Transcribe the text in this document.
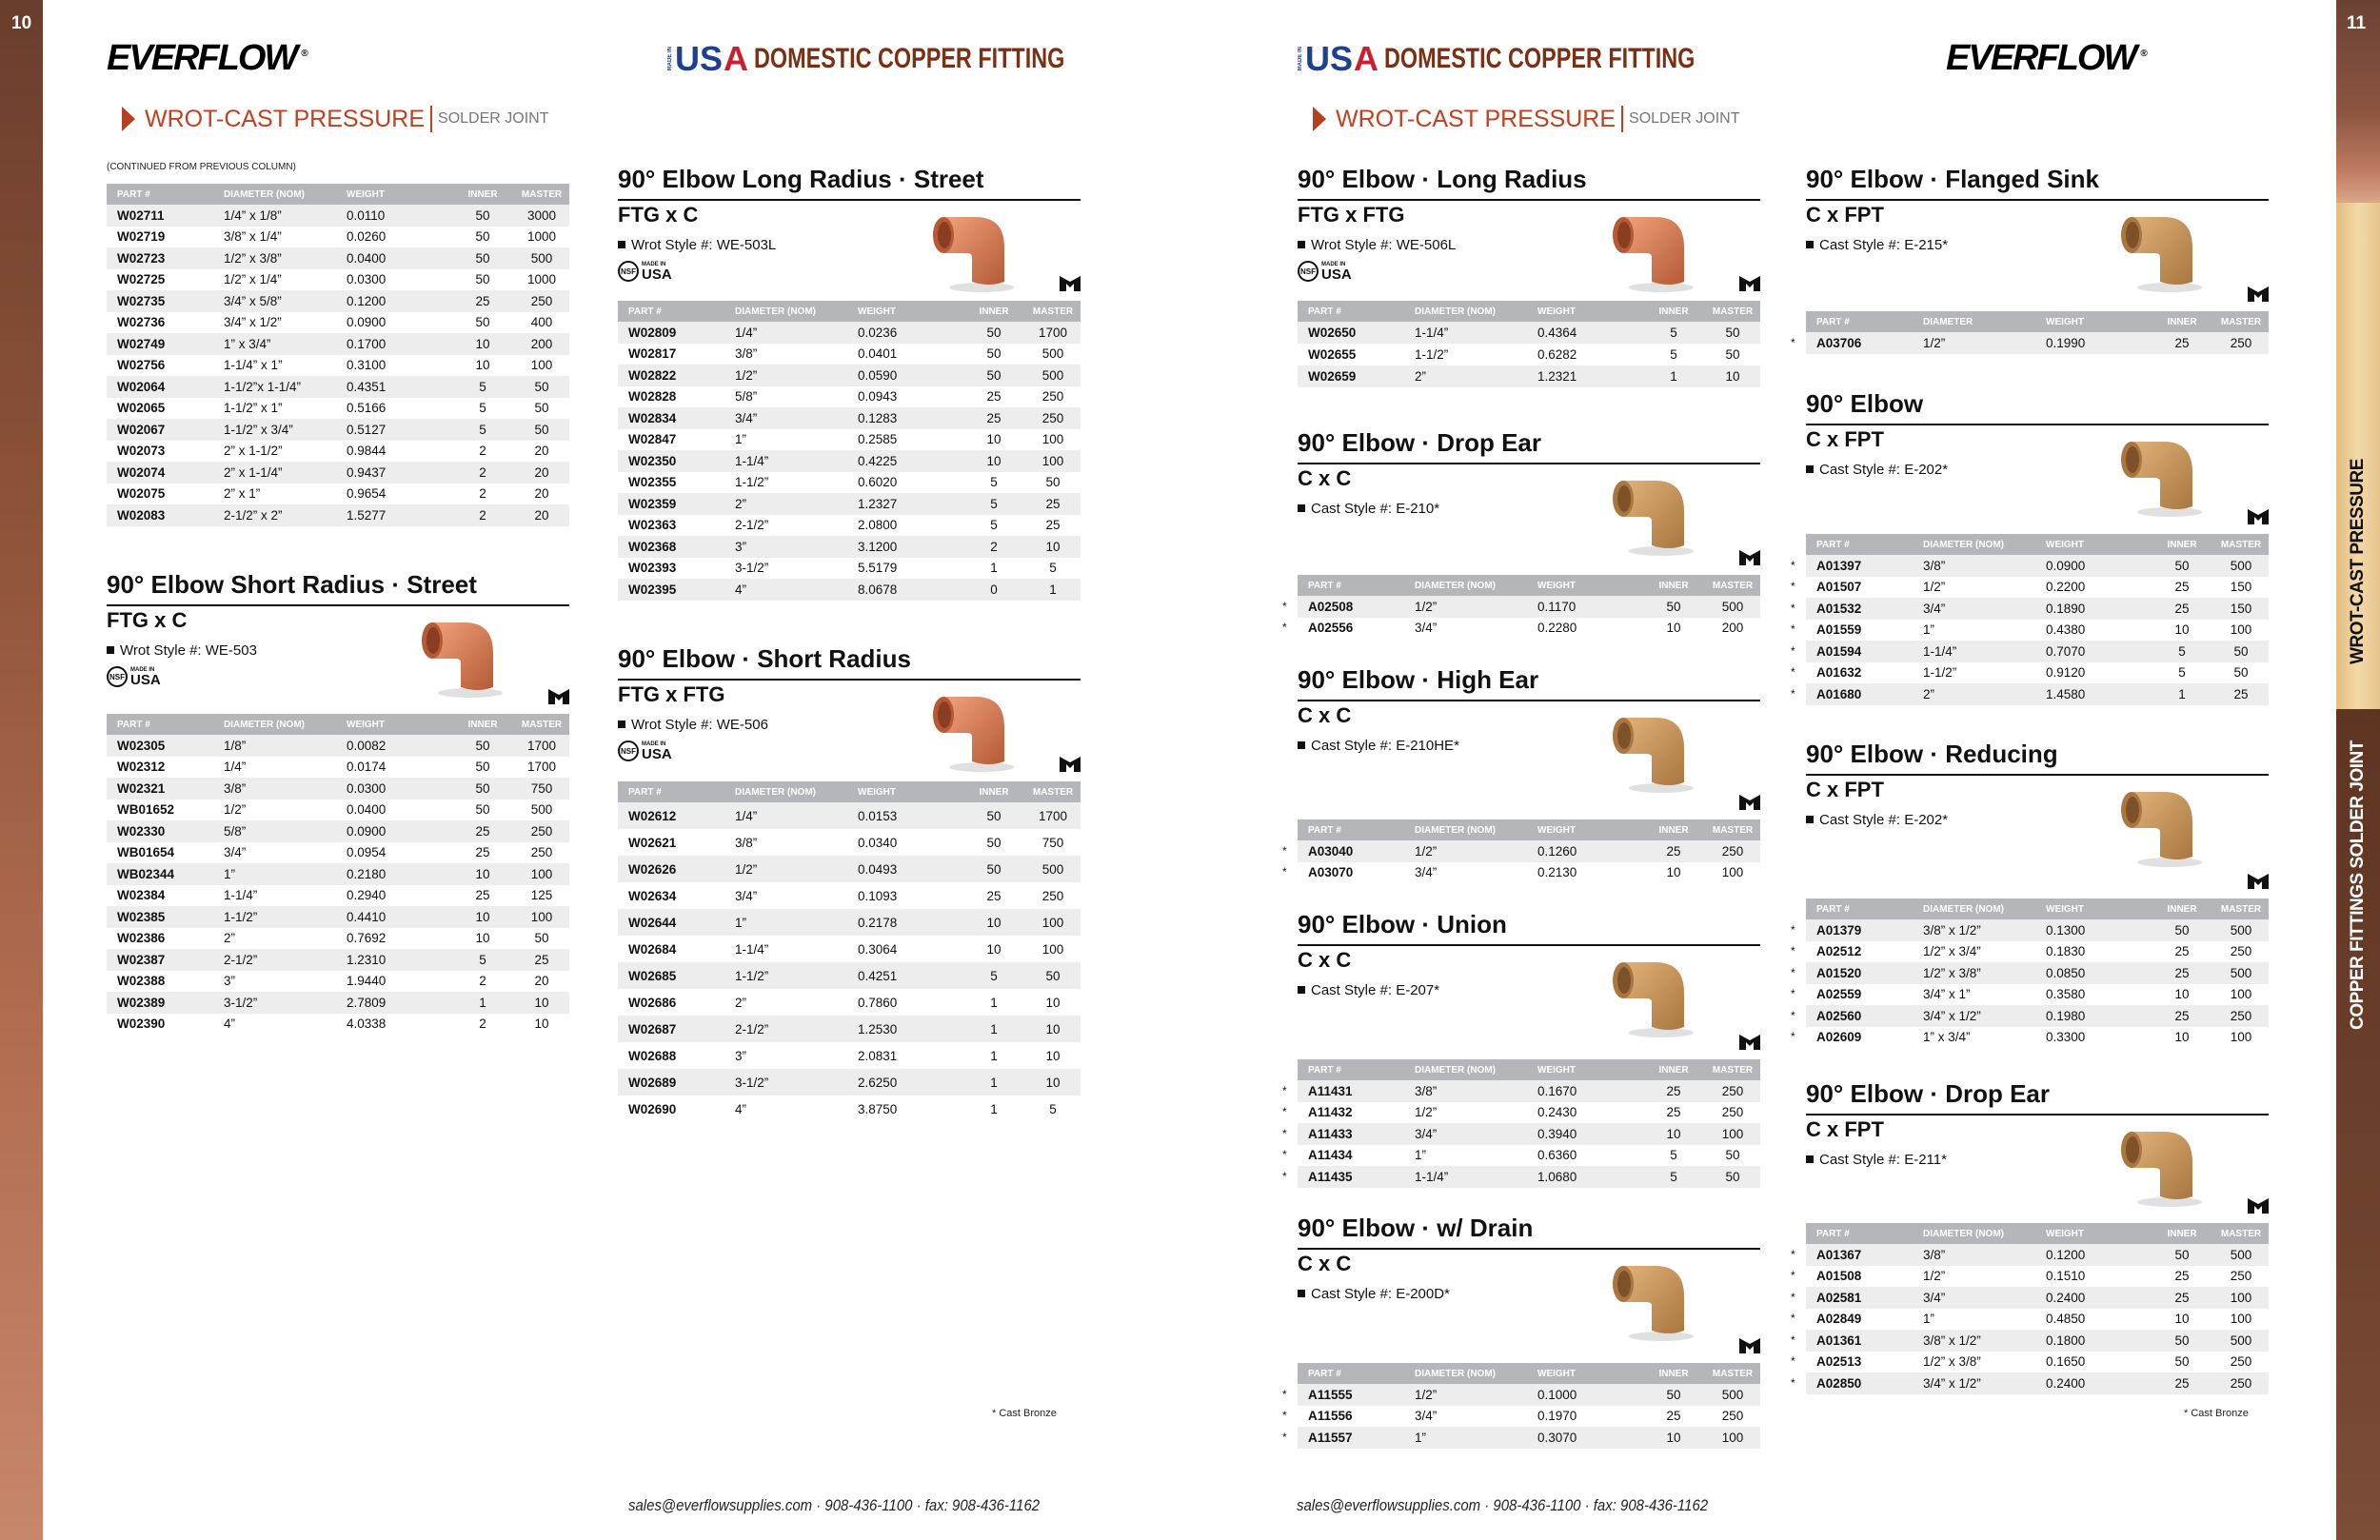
10	11
WROT-CAST PRESSURE
COPPER FITTINGS SOLDER JOINT
EVERFLOW ®	MADE IN US A DOMESTIC COPPER FITTING
WROT-CAST PRESSURE SOLDER JOINT
MADE IN US A DOMESTIC COPPER FITTING	EVERFLOW ®
WROT-CAST PRESSURE SOLDER JOINT
(CONTINUED FROM PREVIOUS COLUMN)
PART #	DIAMETER (NOM)	WEIGHT	INNER	MASTER
W02711	1/4” x 1/8”	0.0110	50	3000
W02719	3/8” x 1/4”	0.0260	50	1000
W02723	1/2” x 3/8”	0.0400	50	500
W02725	1/2” x 1/4”	0.0300	50	1000
W02735	3/4” x 5/8”	0.1200	25	250
W02736	3/4” x 1/2”	0.0900	50	400
W02749	1” x 3/4”	0.1700	10	200
W02756	1-1/4” x 1”	0.3100	10	100
W02064	1-1/2”x 1-1/4”	0.4351	5	50
W02065	1-1/2” x 1”	0.5166	5	50
W02067	1-1/2” x 3/4”	0.5127	5	50
W02073	2” x 1-1/2”	0.9844	2	20
W02074	2” x 1-1/4”	0.9437	2	20
W02075	2” x 1”	0.9654	2	20
W02083	2-1/2” x 2”	1.5277	2	20
90° Elbow Short Radius · Street
FTG x C
Wrot Style #: WE-503
NSF
MADE IN
USA
PART #	DIAMETER (NOM)	WEIGHT	INNER	MASTER
W02305	1/8”	0.0082	50	1700
W02312	1/4”	0.0174	50	1700
W02321	3/8”	0.0300	50	750
WB01652	1/2”	0.0400	50	500
W02330	5/8”	0.0900	25	250
WB01654	3/4”	0.0954	25	250
WB02344	1”	0.2180	10	100
W02384	1-1/4”	0.2940	25	125
W02385	1-1/2”	0.4410	10	100
W02386	2”	0.7692	10	50
W02387	2-1/2”	1.2310	5	25
W02388	3”	1.9440	2	20
W02389	3-1/2”	2.7809	1	10
W02390	4”	4.0338	2	10
90° Elbow Long Radius · Street
FTG x C
Wrot Style #: WE-503L
NSF
MADE IN
USA
PART #	DIAMETER (NOM)	WEIGHT	INNER	MASTER
W02809	1/4”	0.0236	50	1700
W02817	3/8”	0.0401	50	500
W02822	1/2”	0.0590	50	500
W02828	5/8”	0.0943	25	250
W02834	3/4”	0.1283	25	250
W02847	1”	0.2585	10	100
W02350	1-1/4”	0.4225	10	100
W02355	1-1/2”	0.6020	5	50
W02359	2”	1.2327	5	25
W02363	2-1/2”	2.0800	5	25
W02368	3”	3.1200	2	10
W02393	3-1/2”	5.5179	1	5
W02395	4”	8.0678	0	1
90° Elbow · Short Radius
FTG x FTG
Wrot Style #: WE-506
NSF
MADE IN
USA
PART #	DIAMETER (NOM)	WEIGHT	INNER	MASTER
W02612	1/4”	0.0153	50	1700
W02621	3/8”	0.0340	50	750
W02626	1/2”	0.0493	50	500
W02634	3/4”	0.1093	25	250
W02644	1”	0.2178	10	100
W02684	1-1/4”	0.3064	10	100
W02685	1-1/2”	0.4251	5	50
W02686	2”	0.7860	1	10
W02687	2-1/2”	1.2530	1	10
W02688	3”	2.0831	1	10
W02689	3-1/2”	2.6250	1	10
W02690	4”	3.8750	1	5
90° Elbow · Long Radius
FTG x FTG
Wrot Style #: WE-506L
NSF
MADE IN
USA
PART #	DIAMETER (NOM)	WEIGHT	INNER	MASTER
W02650	1-1/4”	0.4364	5	50
W02655	1-1/2”	0.6282	5	50
W02659	2”	1.2321	1	10
90° Elbow · Drop Ear
C x C
Cast Style #: E-210*
PART #	DIAMETER (NOM)	WEIGHT	INNER	MASTER

* A02508	1/2”	0.1170	50	500

* A02556	3/4”	0.2280	10	200
90° Elbow · High Ear
C x C
Cast Style #: E-210HE*
PART #	DIAMETER (NOM)	WEIGHT	INNER	MASTER

* A03040	1/2”	0.1260	25	250

* A03070	3/4”	0.2130	10	100
90° Elbow · Union
C x C
Cast Style #: E-207*
PART #	DIAMETER (NOM)	WEIGHT	INNER	MASTER

* A11431	3/8”	0.1670	25	250

* A11432	1/2”	0.2430	25	250

* A11433	3/4”	0.3940	10	100

* A11434	1”	0.6360	5	50

* A11435	1-1/4”	1.0680	5	50
90° Elbow · w/ Drain
C x C
Cast Style #: E-200D*
PART #	DIAMETER (NOM)	WEIGHT	INNER	MASTER

* A11555	1/2”	0.1000	50	500

* A11556	3/4”	0.1970	25	250

* A11557	1”	0.3070	10	100
90° Elbow · Flanged Sink
C x FPT
Cast Style #: E-215*
PART #	DIAMETER	WEIGHT	INNER	MASTER

* A03706	1/2”	0.1990	25	250
90° Elbow
C x FPT
Cast Style #: E-202*
PART #	DIAMETER (NOM)	WEIGHT	INNER	MASTER

* A01397	3/8”	0.0900	50	500

* A01507	1/2”	0.2200	25	150

* A01532	3/4”	0.1890	25	150

* A01559	1”	0.4380	10	100

* A01594	1-1/4”	0.7070	5	50

* A01632	1-1/2”	0.9120	5	50

* A01680	2”	1.4580	1	25
90° Elbow · Reducing
C x FPT
Cast Style #: E-202*
PART #	DIAMETER (NOM)	WEIGHT	INNER	MASTER

* A01379	3/8” x 1/2”	0.1300	50	500

* A02512	1/2” x 3/4”	0.1830	25	250

* A01520	1/2” x 3/8”	0.0850	25	500

* A02559	3/4” x 1”	0.3580	10	100

* A02560	3/4” x 1/2”	0.1980	25	250

* A02609	1” x 3/4”	0.3300	10	100
90° Elbow · Drop Ear
C x FPT
Cast Style #: E-211*
PART #	DIAMETER (NOM)	WEIGHT	INNER	MASTER

* A01367	3/8”	0.1200	50	500

* A01508	1/2”	0.1510	25	250

* A02581	3/4”	0.2400	25	100

* A02849	1”	0.4850	10	100

* A01361	3/8” x 1/2”	0.1800	50	500

* A02513	1/2” x 3/8”	0.1650	50	250

* A02850	3/4” x 1/2”	0.2400	25	250
* Cast Bronze	* Cast Bronze
sales@everflowsupplies.com · 908-436-1100 · fax: 908-436-1162	sales@everflowsupplies.com · 908-436-1100 · fax: 908-436-1162
